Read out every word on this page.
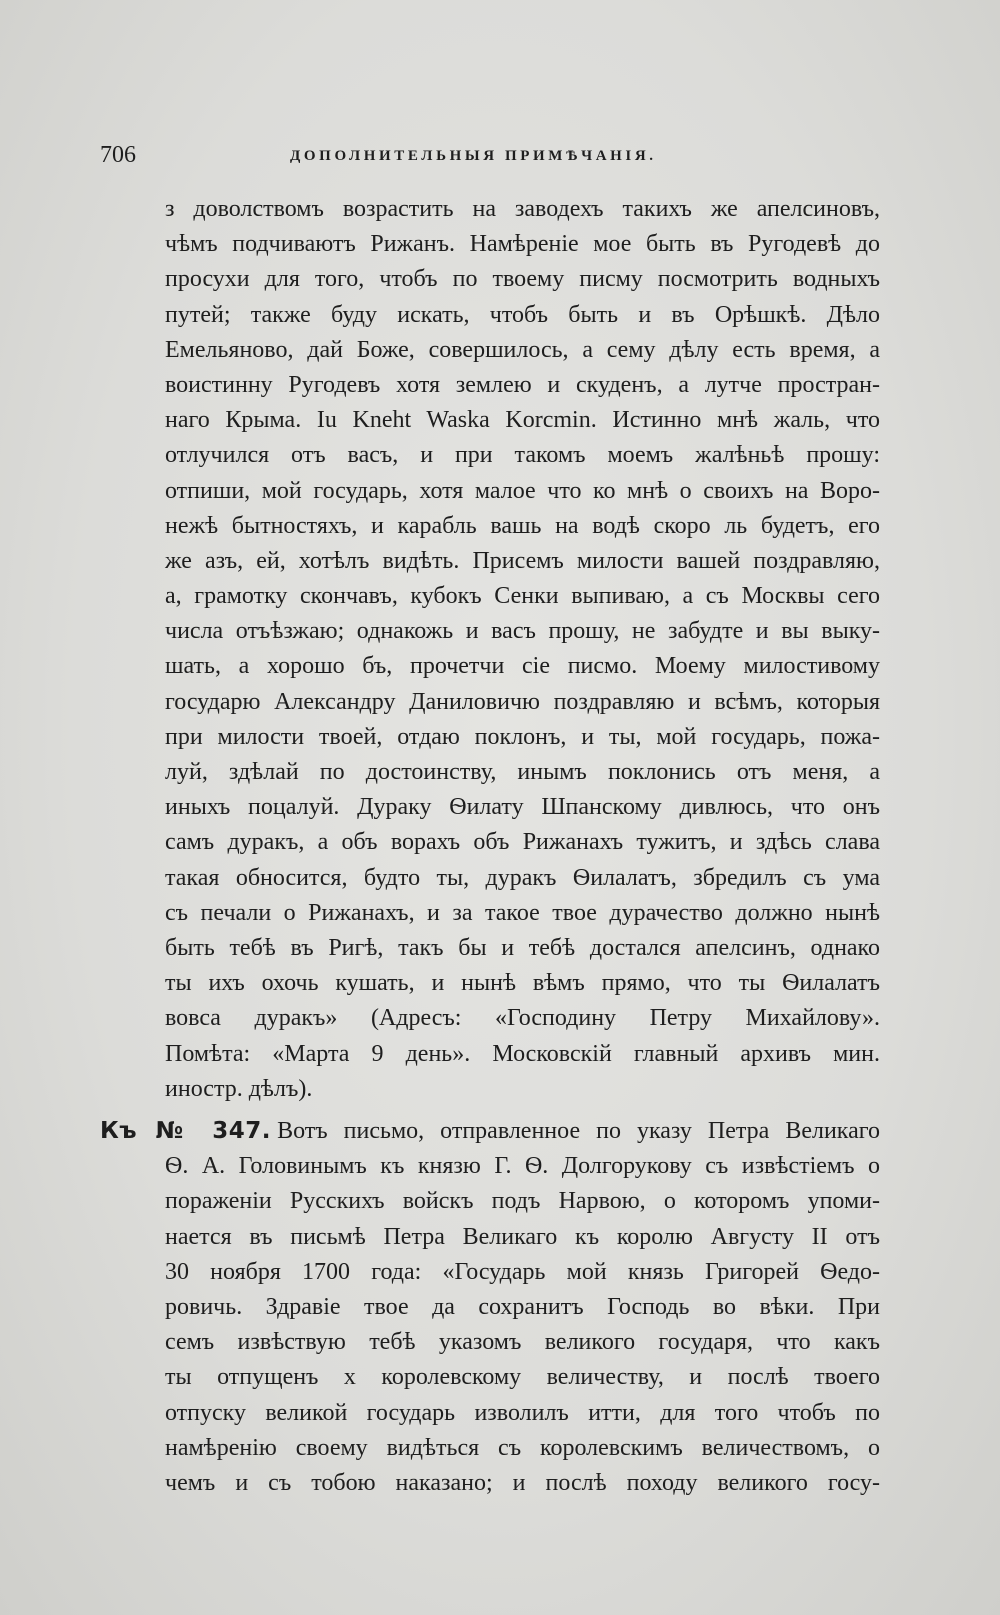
706	ДОПОЛНИТЕЛЬНЫЯ ПРИМѢЧАНІЯ.
з доволствомъ возрастить на заводехъ такихъ же апелсиновъ,
чѣмъ подчиваютъ Рижанъ. Намѣреніе мое быть въ Ругодевѣ до
просухи для того, чтобъ по твоему писму посмотрить водныхъ
путей; также буду искать, чтобъ быть и въ Орѣшкѣ. Дѣло
Емельяново, дай Боже, совершилось, а сему дѣлу есть время, а
воистинну Ругодевъ хотя землею и скуденъ, а лутче простран-
наго Крыма. Iu Knеht Waska Korcmin. Истинно мнѣ жаль, что
отлучился отъ васъ, и при такомъ моемъ жалѣньѣ прошу:
отпиши, мой государь, хотя малое что ко мнѣ о своихъ на Воро-
нежѣ бытностяхъ, и карабль вашь на водѣ скоро ль будетъ, его
же азъ, ей, хотѣлъ видѣть. Присемъ милости вашей поздравляю,
а, грамотку скончавъ, кубокъ Сенки выпиваю, а съ Москвы сего
числа отъѣзжаю; однакожь и васъ прошу, не забудте и вы выку-
шать, а хорошо бъ, прочетчи сіе писмо. Моему милостивому
государю Александру Даниловичю поздравляю и всѣмъ, которыя
при милости твоей, отдаю поклонъ, и ты, мой государь, пожа-
луй, здѣлай по достоинству, инымъ поклонись отъ меня, а
иныхъ поцалуй. Дураку Ѳилату Шпанскому дивлюсь, что онъ
самъ дуракъ, а объ ворахъ объ Рижанахъ тужитъ, и здѣсь слава
такая обносится, будто ты, дуракъ Ѳилалатъ, збредилъ съ ума
съ печали о Рижанахъ, и за такое твое дурачество должно нынѣ
быть тебѣ въ Ригѣ, такъ бы и тебѣ достался апелсинъ, однако
ты ихъ охочь кушать, и нынѣ вѣмъ прямо, что ты Ѳилалатъ
вовса дуракъ» (Адресъ: «Господину Петру Михайлову».
Помѣта: «Марта 9 день». Московскій главный архивъ мин.
иностр. дѣлъ).
Къ № 347. Вотъ письмо, отправленное по указу Петра Великаго
Ѳ. А. Головинымъ къ князю Г. Ѳ. Долгорукову съ извѣстіемъ о
пораженіи Русскихъ войскъ подъ Нарвою, о которомъ упоми-
нается въ письмѣ Петра Великаго къ королю Августу II отъ
30 ноября 1700 года: «Государь мой князь Григорей Ѳедо-
ровичь. Здравіе твое да сохранитъ Господь во вѣки. При
семъ извѣствую тебѣ указомъ великого государя, что какъ
ты отпущенъ х королевскому величеству, и послѣ твоего
отпуску великой государь изволилъ итти, для того чтобъ по
намѣренію своему видѣться съ королевскимъ величествомъ, о
чемъ и съ тобою наказано; и послѣ походу великого госу-
